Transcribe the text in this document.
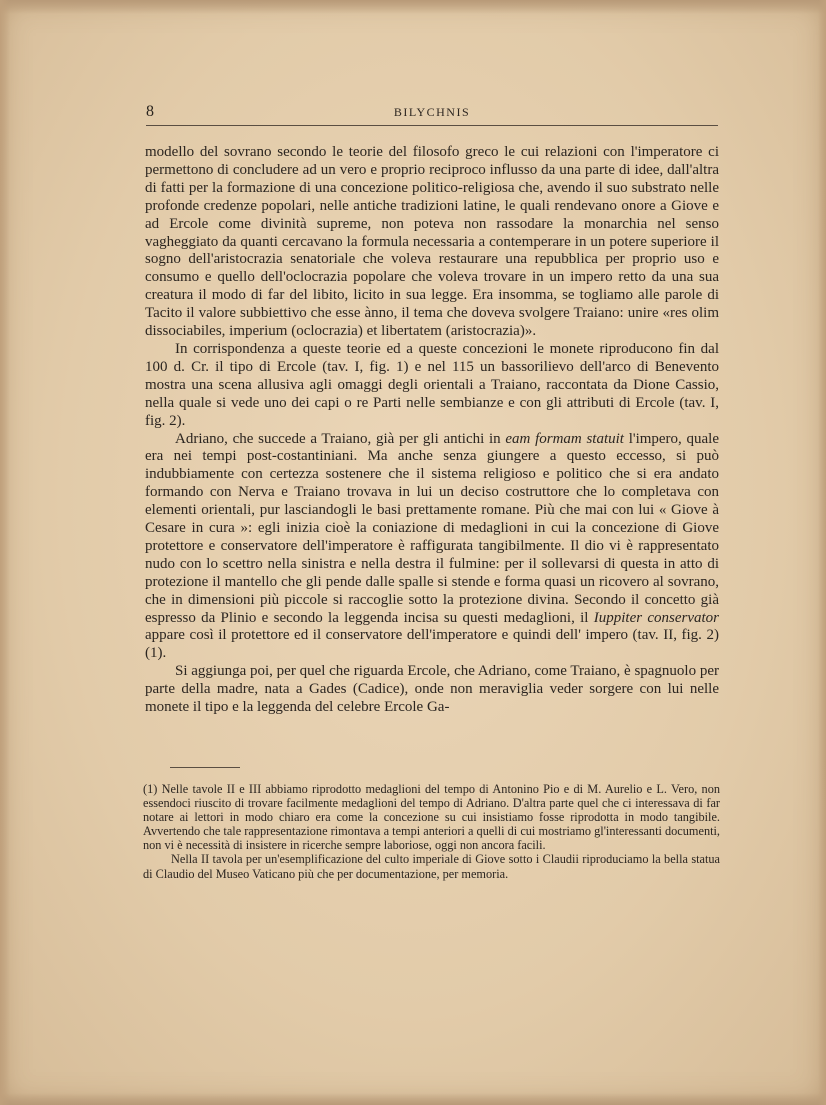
8	BILYCHNIS

modello del sovrano secondo le teorie del filosofo greco le cui relazioni con l'imperatore ci permettono di concludere ad un vero e proprio reciproco influsso da una parte di idee, dall'altra di fatti per la formazione di una concezione politico-religiosa che, avendo il suo substrato nelle profonde credenze popolari, nelle antiche tradizioni latine, le quali rendevano onore a Giove e ad Ercole come divinità supreme, non poteva non rassodare la monarchia nel senso vagheggiato da quanti cercavano la formula necessaria a contemperare in un potere superiore il sogno dell'aristocrazia senatoriale che voleva restaurare una repubblica per proprio uso e consumo e quello dell'oclocrazia popolare che voleva trovare in un impero retto da una sua creatura il modo di far del libito, licito in sua legge. Era insomma, se togliamo alle parole di Tacito il valore subbiettivo che esse ànno, il tema che doveva svolgere Traiano: unire «res olim dissociabiles, imperium (oclocrazia) et libertatem (aristocrazia)».

In corrispondenza a queste teorie ed a queste concezioni le monete riproducono fin dal 100 d. Cr. il tipo di Ercole (tav. I, fig. 1) e nel 115 un bassorilievo dell'arco di Benevento mostra una scena allusiva agli omaggi degli orientali a Traiano, raccontata da Dione Cassio, nella quale si vede uno dei capi o re Parti nelle sembianze e con gli attributi di Ercole (tav. I, fig. 2).

Adriano, che succede a Traiano, già per gli antichi in eam formam statuit l'impero, quale era nei tempi post-costantiniani. Ma anche senza giungere a questo eccesso, si può indubbiamente con certezza sostenere che il sistema religioso e politico che si era andato formando con Nerva e Traiano trovava in lui un deciso costruttore che lo completava con elementi orientali, pur lasciandogli le basi prettamente romane. Più che mai con lui « Giove à Cesare in cura »: egli inizia cioè la coniazione di medaglioni in cui la concezione di Giove protettore e conservatore dell'imperatore è raffigurata tangibilmente. Il dio vi è rappresentato nudo con lo scettro nella sinistra e nella destra il fulmine: per il sollevarsi di questa in atto di protezione il mantello che gli pende dalle spalle si stende e forma quasi un ricovero al sovrano, che in dimensioni più piccole si raccoglie sotto la protezione divina. Secondo il concetto già espresso da Plinio e secondo la leggenda incisa su questi medaglioni, il Iuppiter conservator appare così il protettore ed il conservatore dell'imperatore e quindi dell' impero (tav. II, fig. 2) (1).

Si aggiunga poi, per quel che riguarda Ercole, che Adriano, come Traiano, è spagnuolo per parte della madre, nata a Gades (Cadice), onde non meraviglia veder sorgere con lui nelle monete il tipo e la leggenda del celebre Ercole Ga-

(1) Nelle tavole II e III abbiamo riprodotto medaglioni del tempo di Antonino Pio e di M. Aurelio e L. Vero, non essendoci riuscito di trovare facilmente medaglioni del tempo di Adriano. D'altra parte quel che ci interessava di far notare ai lettori in modo chiaro era come la concezione su cui insistiamo fosse riprodotta in modo tangibile. Avvertendo che tale rappresentazione rimontava a tempi anteriori a quelli di cui mostriamo gl'interessanti documenti, non vi è necessità di insistere in ricerche sempre laboriose, oggi non ancora facili.

Nella II tavola per un'esemplificazione del culto imperiale di Giove sotto i Claudii riproduciamo la bella statua di Claudio del Museo Vaticano più che per documentazione, per memoria.
